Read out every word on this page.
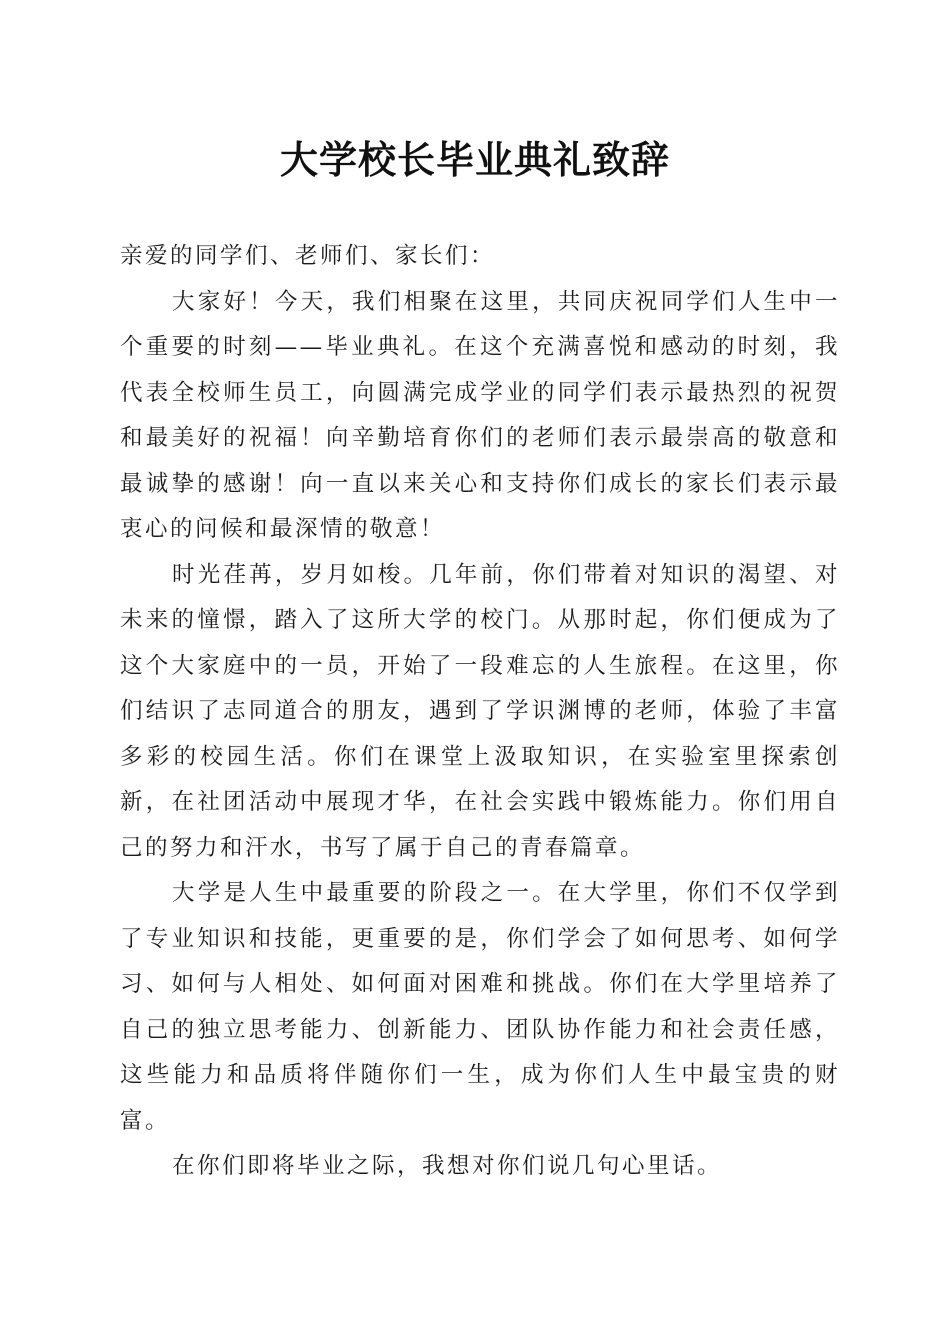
大学校长毕业典礼致辞

亲爱的同学们、老师们、家长们：

大家好！今天，我们相聚在这里，共同庆祝同学们人生中一个重要的时刻——毕业典礼。在这个充满喜悦和感动的时刻，我代表全校师生员工，向圆满完成学业的同学们表示最热烈的祝贺和最美好的祝福！向辛勤培育你们的老师们表示最崇高的敬意和最诚挚的感谢！向一直以来关心和支持你们成长的家长们表示最衷心的问候和最深情的敬意！

时光荏苒，岁月如梭。几年前，你们带着对知识的渴望、对未来的憧憬，踏入了这所大学的校门。从那时起，你们便成为了这个大家庭中的一员，开始了一段难忘的人生旅程。在这里，你们结识了志同道合的朋友，遇到了学识渊博的老师，体验了丰富多彩的校园生活。你们在课堂上汲取知识，在实验室里探索创新，在社团活动中展现才华，在社会实践中锻炼能力。你们用自己的努力和汗水，书写了属于自己的青春篇章。

大学是人生中最重要的阶段之一。在大学里，你们不仅学到了专业知识和技能，更重要的是，你们学会了如何思考、如何学习、如何与人相处、如何面对困难和挑战。你们在大学里培养了自己的独立思考能力、创新能力、团队协作能力和社会责任感，这些能力和品质将伴随你们一生，成为你们人生中最宝贵的财富。

在你们即将毕业之际，我想对你们说几句心里话。
